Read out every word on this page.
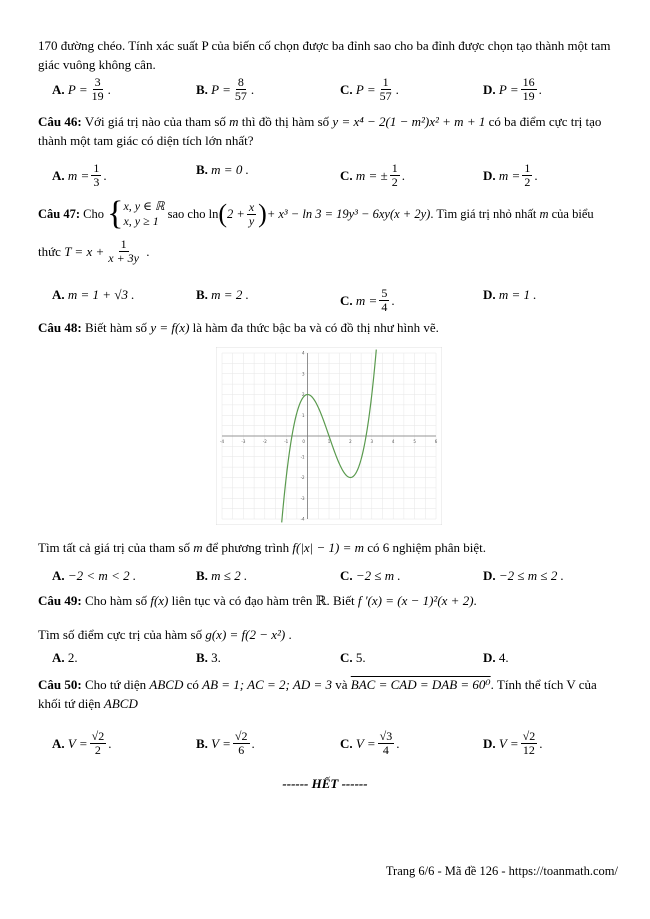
170 đường chéo. Tính xác suất P của biến cố chọn được ba đỉnh sao cho ba đỉnh được chọn tạo thành một tam giác vuông không cân.
A.
$P = \frac{3}{19}$ .	B.
$P = \frac{8}{57}$ .	C.
$P = \frac{1}{57}$ .	D.
$P = \frac{16}{19}$ .
Câu 46: Với giá trị nào của tham số m thì đồ thị hàm số y = x⁴ − 2(1 − m²)x² + m + 1 có ba điểm cực trị tạo thành một tam giác có diện tích lớn nhất?
A.
$m = \frac{1}{3}$ .	B.
m = 0 .	C.
m = ± $\frac{1}{2}$ .	D.
$m = \frac{1}{2}$ .
Câu 47:
Cho
{ x, y ∈ ℝ
x, y ≥ 1

sao cho
ln ( $2 + \frac{x}{y}$ ) + x³ − ln 3 = 19y³ − 6xy(x + 2y) . Tìm giá trị nhỏ nhất
m
của biểu
thức
$T = x + \frac{1}{x + 3y}$
.
A.
m = 1 + √3 .	B.
m = 2 .	C.
$m = \frac{5}{4}$ .	D.
m = 1 .
Câu 48: Biết hàm số y = f(x) là hàm đa thức bậc ba và có đồ thị như hình vẽ.
-4	-3	-2	-1	0	1	2	3	4	5	6
4
3
2
1
-1
-2
-3
-4
Tìm tất cả giá trị của tham số m để phương trình f(|x| − 1) = m có 6 nghiệm phân biệt.
A.
−2 < m < 2 .	B.
m ≤ 2 .	C.
−2 ≤ m .	D.
−2 ≤ m ≤ 2 .
Câu 49: Cho hàm số f(x) liên tục và có đạo hàm trên ℝ. Biết f '(x) = (x − 1)²(x + 2).
Tìm số điểm cực trị của hàm số g(x) = f(2 − x²) .
A.
2.	B.
3.	C.
5.	D.
4.
Câu 50: Cho tứ diện ABCD có AB = 1; AC = 2; AD = 3 và BAC = CAD = DAB = 60⁰. Tính thể tích V của
khối tứ diện ABCD
A.
$V = \frac{√2}{2}$ .	B.
$V = \frac{√2}{6}$ .	C.
$V = \frac{√3}{4}$ .	D.
$V = \frac{√2}{12}$ .
------ HẾT ------
Trang 6/6 - Mã đề 126 - https://toanmath.com/
